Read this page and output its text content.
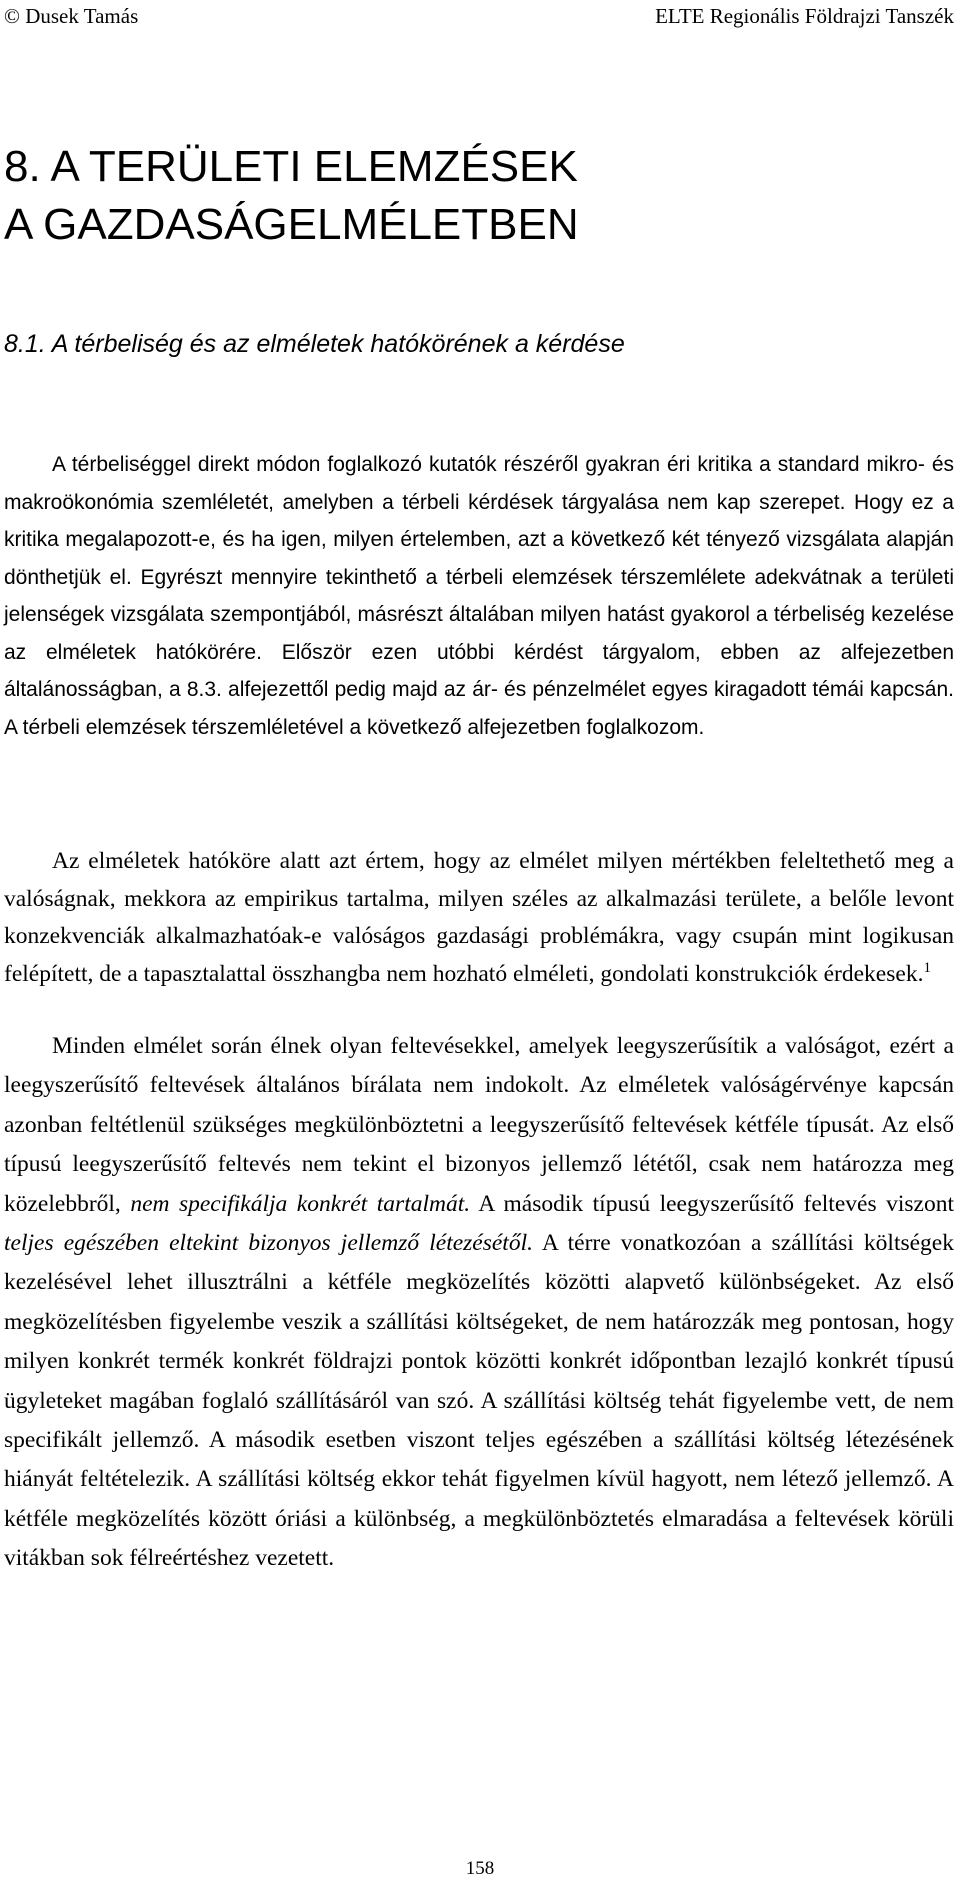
© Dusek Tamás	ELTE Regionális Földrajzi Tanszék
8. A TERÜLETI ELEMZÉSEK
A GAZDASÁGELMÉLETBEN
8.1. A térbeliség és az elméletek hatókörének a kérdése

A térbeliséggel direkt módon foglalkozó kutatók részéről gyakran éri kritika a standard mikro- és makroökonómia szemléletét, amelyben a térbeli kérdések tárgyalása nem kap szerepet. Hogy ez a kritika megalapozott-e, és ha igen, milyen értelemben, azt a következő két tényező vizsgálata alapján dönthetjük el. Egyrészt mennyire tekinthető a térbeli elemzések térszemlélete adekvátnak a területi jelenségek vizsgálata szempontjából, másrészt általában milyen hatást gyakorol a térbeliség kezelése az elméletek hatókörére. Először ezen utóbbi kérdést tárgyalom, ebben az alfejezetben általánosságban, a 8.3. alfejezettől pedig majd az ár- és pénzelmélet egyes kiragadott témái kapcsán. A térbeli elemzések térszemléletével a következő alfejezetben foglalkozom.

Az elméletek hatóköre alatt azt értem, hogy az elmélet milyen mértékben feleltethető meg a valóságnak, mekkora az empirikus tartalma, milyen széles az alkalmazási területe, a belőle levont konzekvenciák alkalmazhatóak-e valóságos gazdasági problémákra, vagy csupán mint logikusan felépített, de a tapasztalattal összhangba nem hozható elméleti, gondolati konstrukciók érdekesek.$^1$

Minden elmélet során élnek olyan feltevésekkel, amelyek leegyszerűsítik a valóságot, ezért a leegyszerűsítő feltevések általános bírálata nem indokolt. Az elméletek valóságérvénye kapcsán azonban feltétlenül szükséges megkülönböztetni a leegyszerűsítő feltevések kétféle típusát. Az első típusú leegyszerűsítő feltevés nem tekint el bizonyos jellemző lététől, csak nem határozza meg közelebbről, nem specifikálja konkrét tartalmát. A második típusú leegyszerűsítő feltevés viszont teljes egészében eltekint bizonyos jellemző létezésétől. A térre vonatkozóan a szállítási költségek kezelésével lehet illusztrálni a kétféle megközelítés közötti alapvető különbségeket. Az első megközelítésben figyelembe veszik a szállítási költségeket, de nem határozzák meg pontosan, hogy milyen konkrét termék konkrét földrajzi pontok közötti konkrét időpontban lezajló konkrét típusú ügyleteket magában foglaló szállításáról van szó. A szállítási költség tehát figyelembe vett, de nem specifikált jellemző. A második esetben viszont teljes egészében a szállítási költség létezésének hiányát feltételezik. A szállítási költség ekkor tehát figyelmen kívül hagyott, nem létező jellemző. A kétféle megközelítés között óriási a különbség, a megkülönböztetés elmaradása a feltevések körüli vitákban sok félreértéshez vezetett.

158
